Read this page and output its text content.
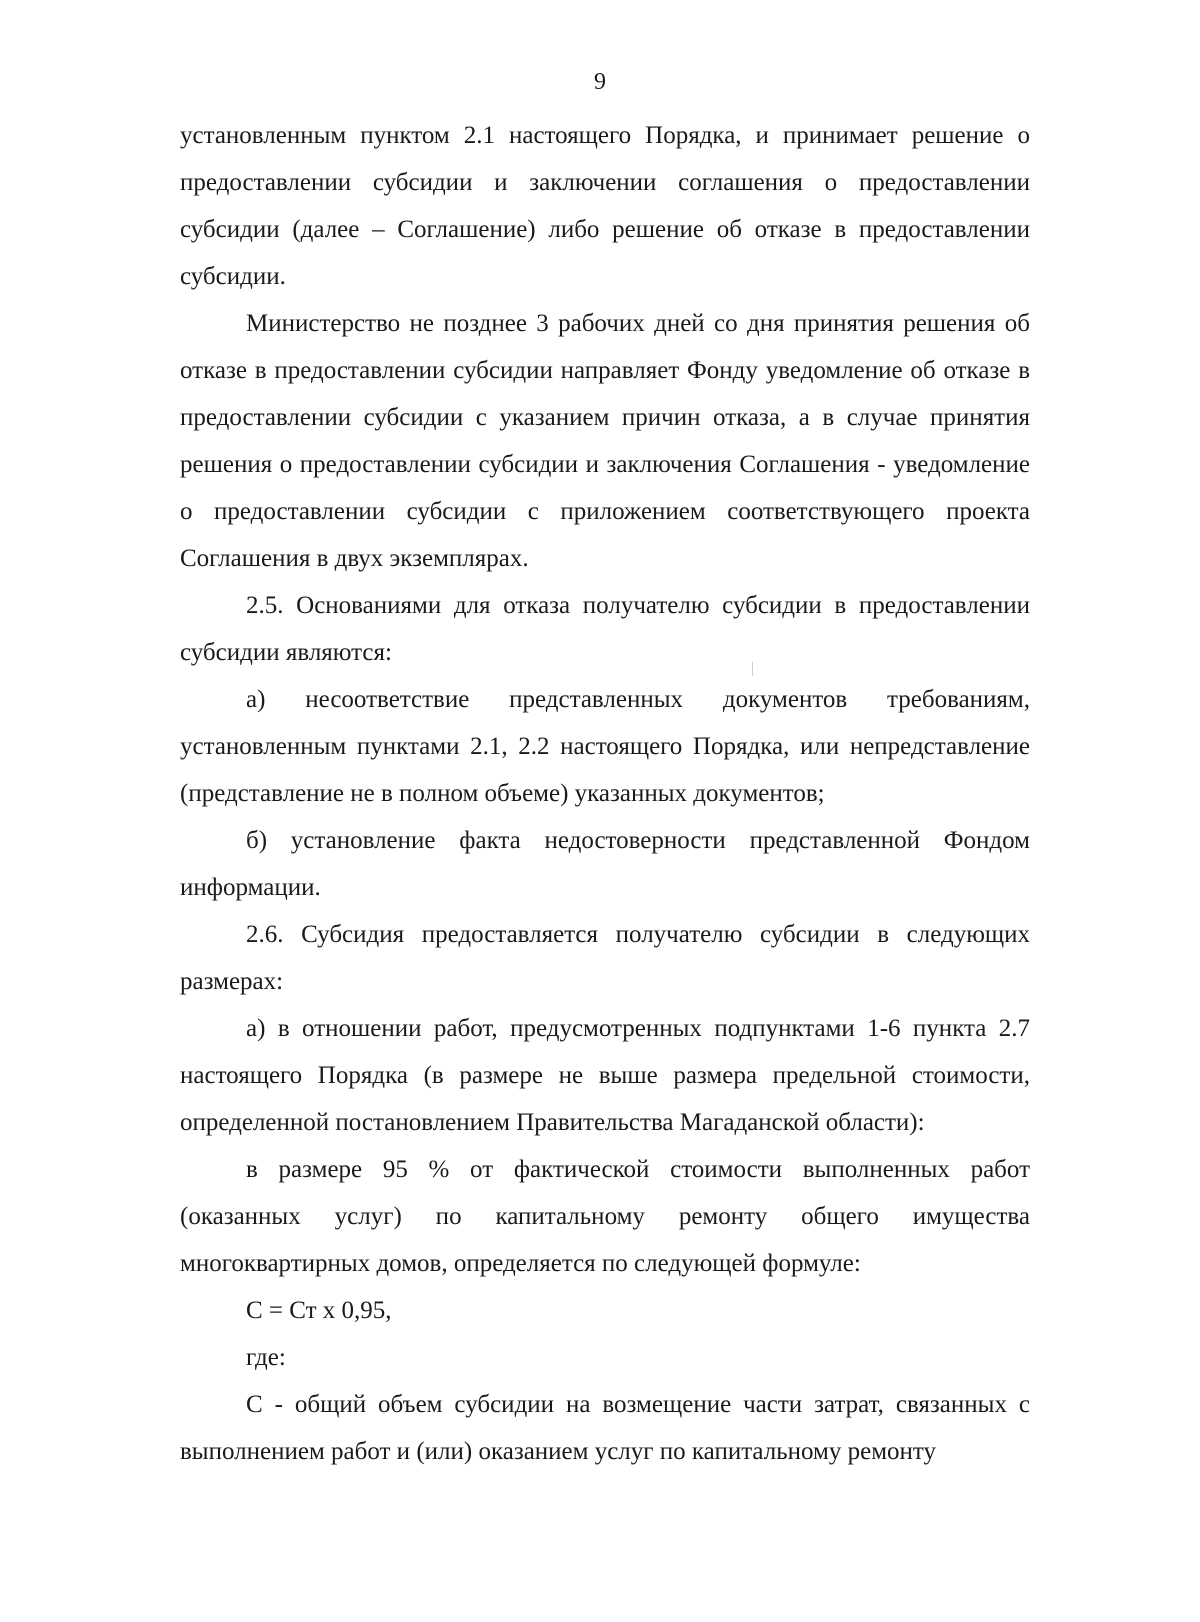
9

установленным пунктом 2.1 настоящего Порядка, и принимает решение о предоставлении субсидии и заключении соглашения о предоставлении субсидии (далее – Соглашение) либо решение об отказе в предоставлении субсидии.

Министерство не позднее 3 рабочих дней со дня принятия решения об отказе в предоставлении субсидии направляет Фонду уведомление об отказе в предоставлении субсидии с указанием причин отказа, а в случае принятия решения о предоставлении субсидии и заключения Соглашения - уведомление о предоставлении субсидии с приложением соответствующего проекта Соглашения в двух экземплярах.

2.5. Основаниями для отказа получателю субсидии в предоставлении субсидии являются:

а) несоответствие представленных документов требованиям, установленным пунктами 2.1, 2.2 настоящего Порядка, или непредставление (представление не в полном объеме) указанных документов;

б) установление факта недостоверности представленной Фондом информации.

2.6. Субсидия предоставляется получателю субсидии в следующих размерах:

а) в отношении работ, предусмотренных подпунктами 1-6 пункта 2.7 настоящего Порядка (в размере не выше размера предельной стоимости, определенной постановлением Правительства Магаданской области):

в размере 95 % от фактической стоимости выполненных работ (оказанных услуг) по капитальному ремонту общего имущества многоквартирных домов, определяется по следующей формуле:

С = Ст х 0,95,

где:

С - общий объем субсидии на возмещение части затрат, связанных с выполнением работ и (или) оказанием услуг по капитальному ремонту
